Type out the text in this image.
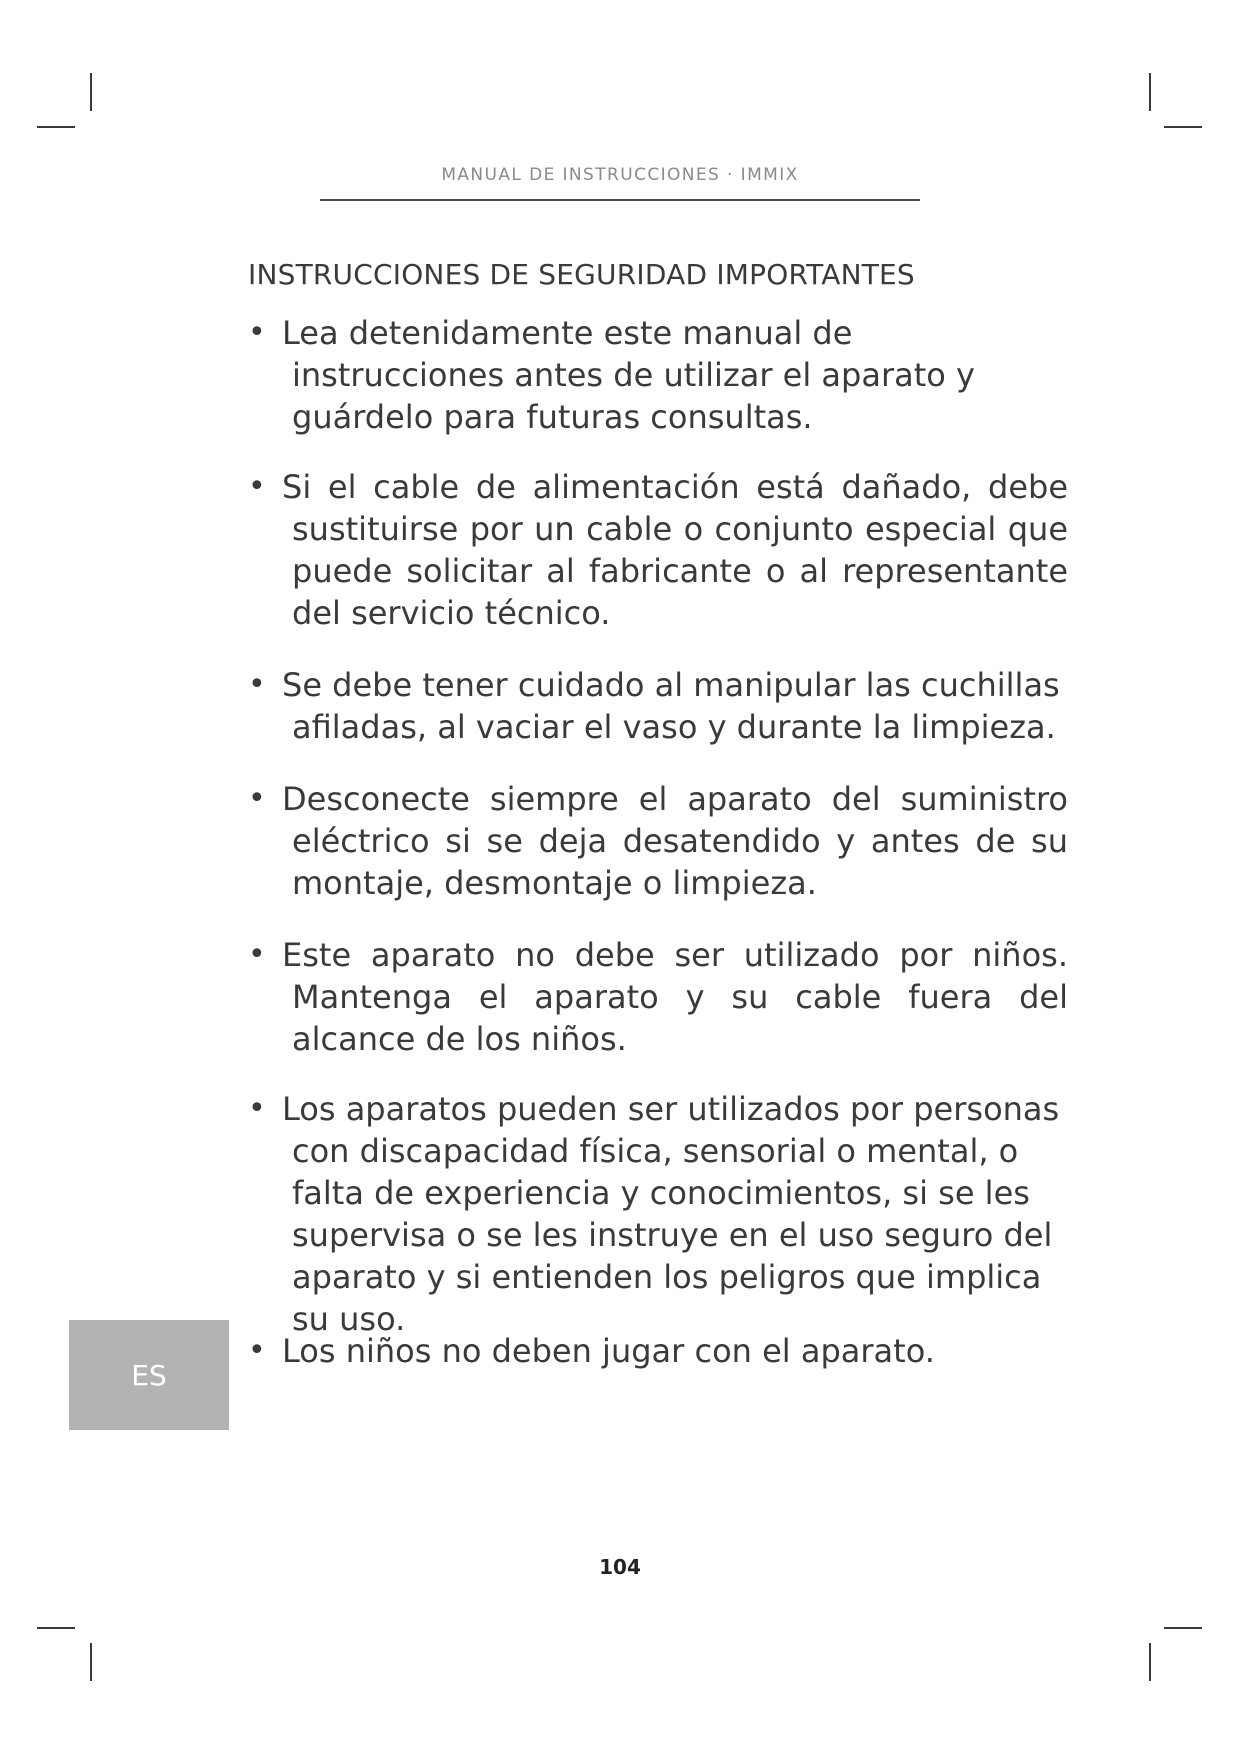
MANUAL DE INSTRUCCIONES · IMMIX
INSTRUCCIONES DE SEGURIDAD IMPORTANTES
• Lea detenidamente este manual de instrucciones antes de utilizar el aparato y guárdelo para futuras consultas.
• Si el cable de alimentación está dañado, debe sustituirse por un cable o conjunto especial que puede solicitar al fabricante o al representante del servicio técnico.
• Se debe tener cuidado al manipular las cuchillas afiladas, al vaciar el vaso y durante la limpieza.
• Desconecte siempre el aparato del suministro eléctrico si se deja desatendido y antes de su montaje, desmontaje o limpieza.
• Este aparato no debe ser utilizado por niños. Mantenga el aparato y su cable fuera del alcance de los niños.
• Los aparatos pueden ser utilizados por personas con discapacidad física, sensorial o mental, o falta de experiencia y conocimientos, si se les supervisa o se les instruye en el uso seguro del aparato y si entienden los peligros que implica su uso.
• Los niños no deben jugar con el aparato.
ES
104
